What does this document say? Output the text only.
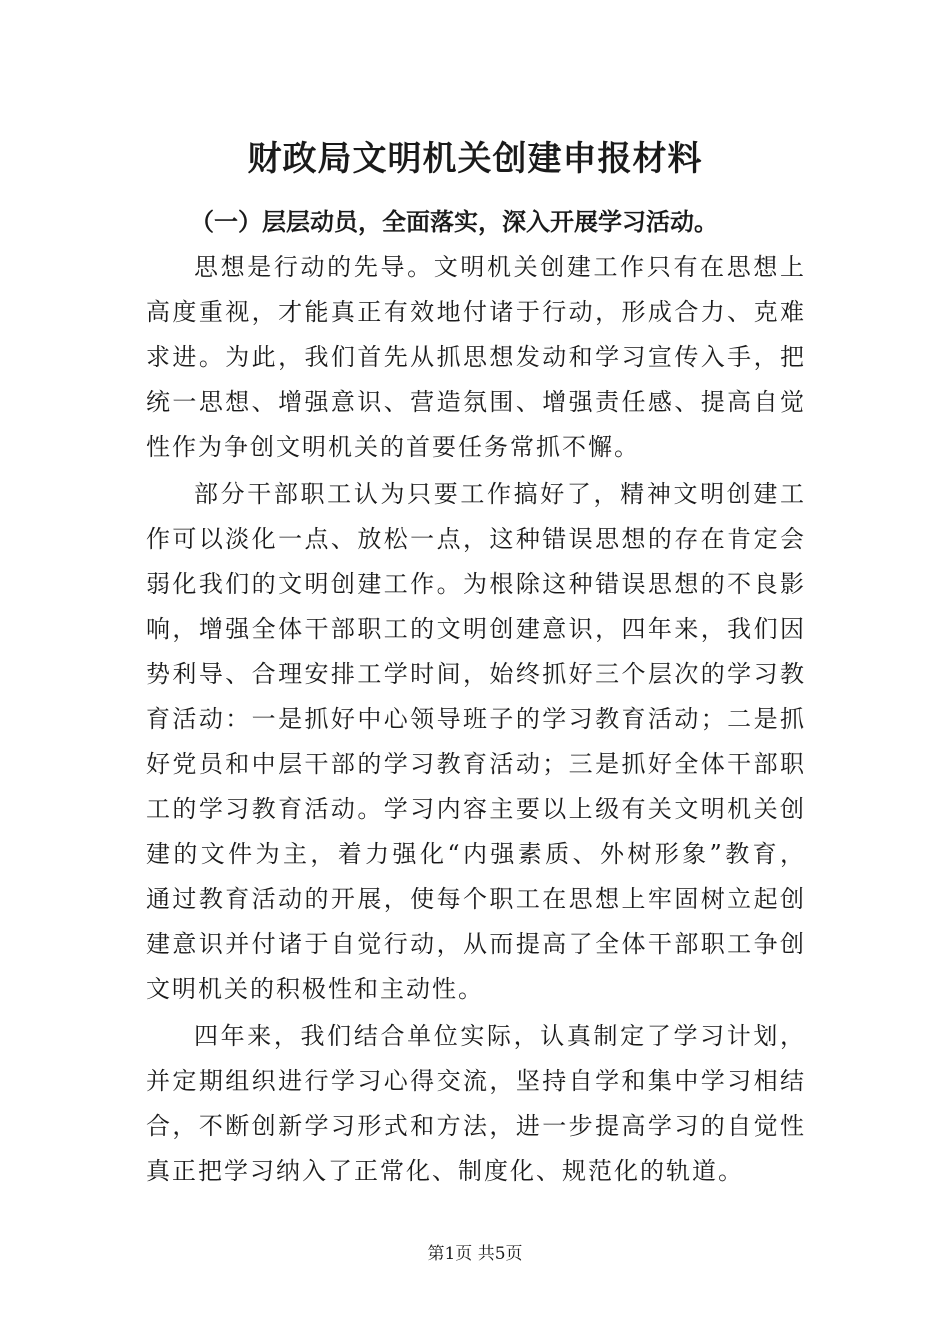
财政局文明机关创建申报材料
（一）层层动员，全面落实，深入开展学习活动。
思想是行动的先导。文明机关创建工作只有在思想上
高度重视，才能真正有效地付诸于行动，形成合力、克难
求进。为此，我们首先从抓思想发动和学习宣传入手，把
统一思想、增强意识、营造氛围、增强责任感、提高自觉
性作为争创文明机关的首要任务常抓不懈。
部分干部职工认为只要工作搞好了，精神文明创建工
作可以淡化一点、放松一点，这种错误思想的存在肯定会
弱化我们的文明创建工作。为根除这种错误思想的不良影
响，增强全体干部职工的文明创建意识，四年来，我们因
势利导、合理安排工学时间，始终抓好三个层次的学习教
育活动：一是抓好中心领导班子的学习教育活动；二是抓
好党员和中层干部的学习教育活动；三是抓好全体干部职
工的学习教育活动。学习内容主要以上级有关文明机关创
建的文件为主，着力强化“内强素质、外树形象”教育，
通过教育活动的开展，使每个职工在思想上牢固树立起创
建意识并付诸于自觉行动，从而提高了全体干部职工争创
文明机关的积极性和主动性。
四年来，我们结合单位实际，认真制定了学习计划，
并定期组织进行学习心得交流，坚持自学和集中学习相结
合，不断创新学习形式和方法，进一步提高学习的自觉性
真正把学习纳入了正常化、制度化、规范化的轨道。
第1页 共5页
